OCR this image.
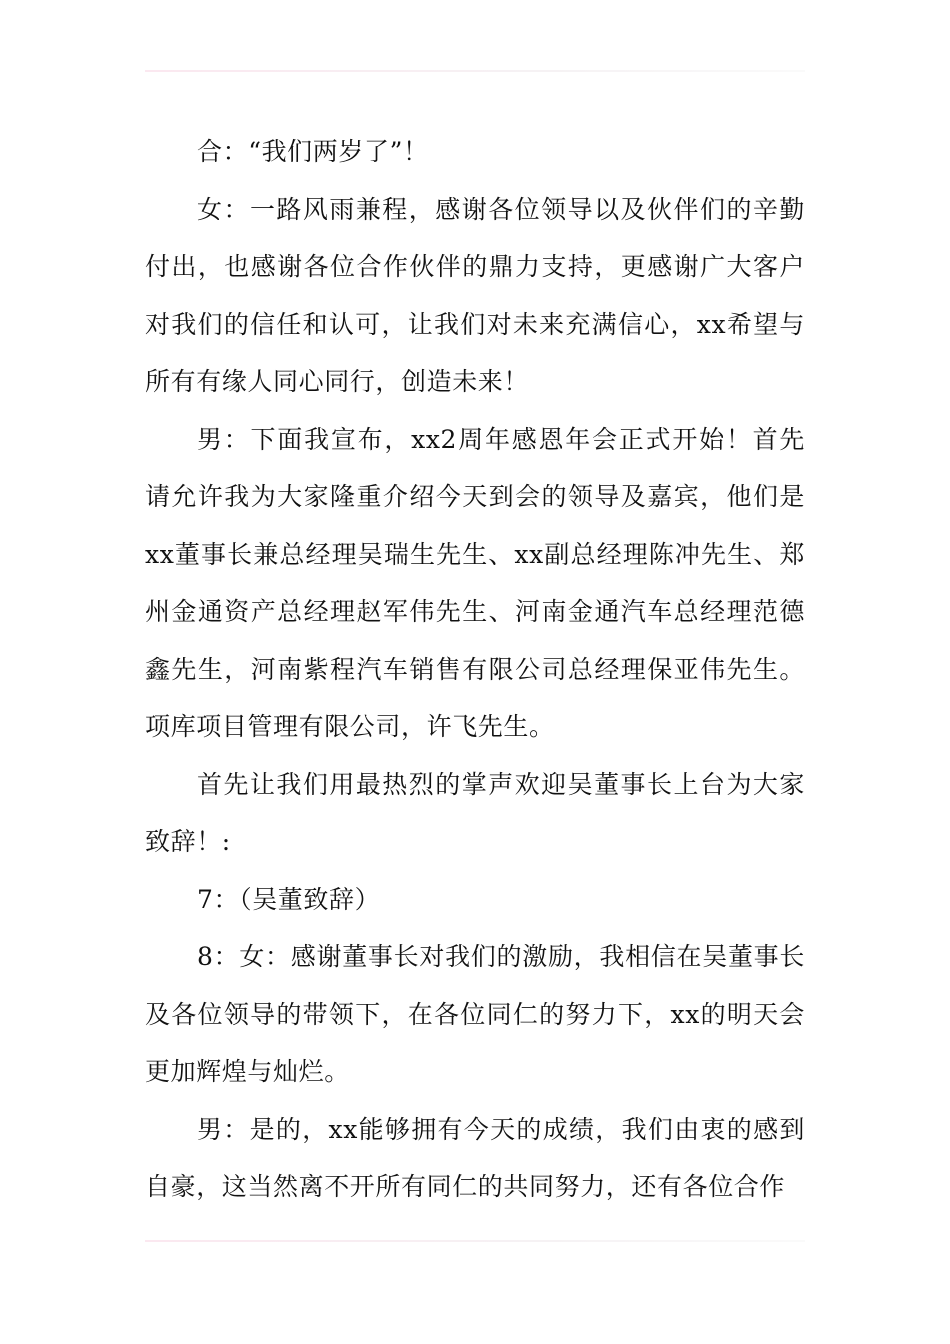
合：“我们两岁了”！

女：一路风雨兼程，感谢各位领导以及伙伴们的辛勤付出，也感谢各位合作伙伴的鼎力支持，更感谢广大客户对我们的信任和认可，让我们对未来充满信心，xx希望与所有有缘人同心同行，创造未来！

男：下面我宣布，xx2周年感恩年会正式开始！首先请允许我为大家隆重介绍今天到会的领导及嘉宾，他们是xx董事长兼总经理吴瑞生先生、xx副总经理陈冲先生、郑州金通资产总经理赵军伟先生、河南金通汽车总经理范德鑫先生，河南紫程汽车销售有限公司总经理保亚伟先生。项库项目管理有限公司，许飞先生。

首先让我们用最热烈的掌声欢迎吴董事长上台为大家致辞！:

7：（吴董致辞）

8：女：感谢董事长对我们的激励，我相信在吴董事长及各位领导的带领下，在各位同仁的努力下，xx的明天会更加辉煌与灿烂。

男：是的，xx能够拥有今天的成绩，我们由衷的感到自豪，这当然离不开所有同仁的共同努力，还有各位合作
